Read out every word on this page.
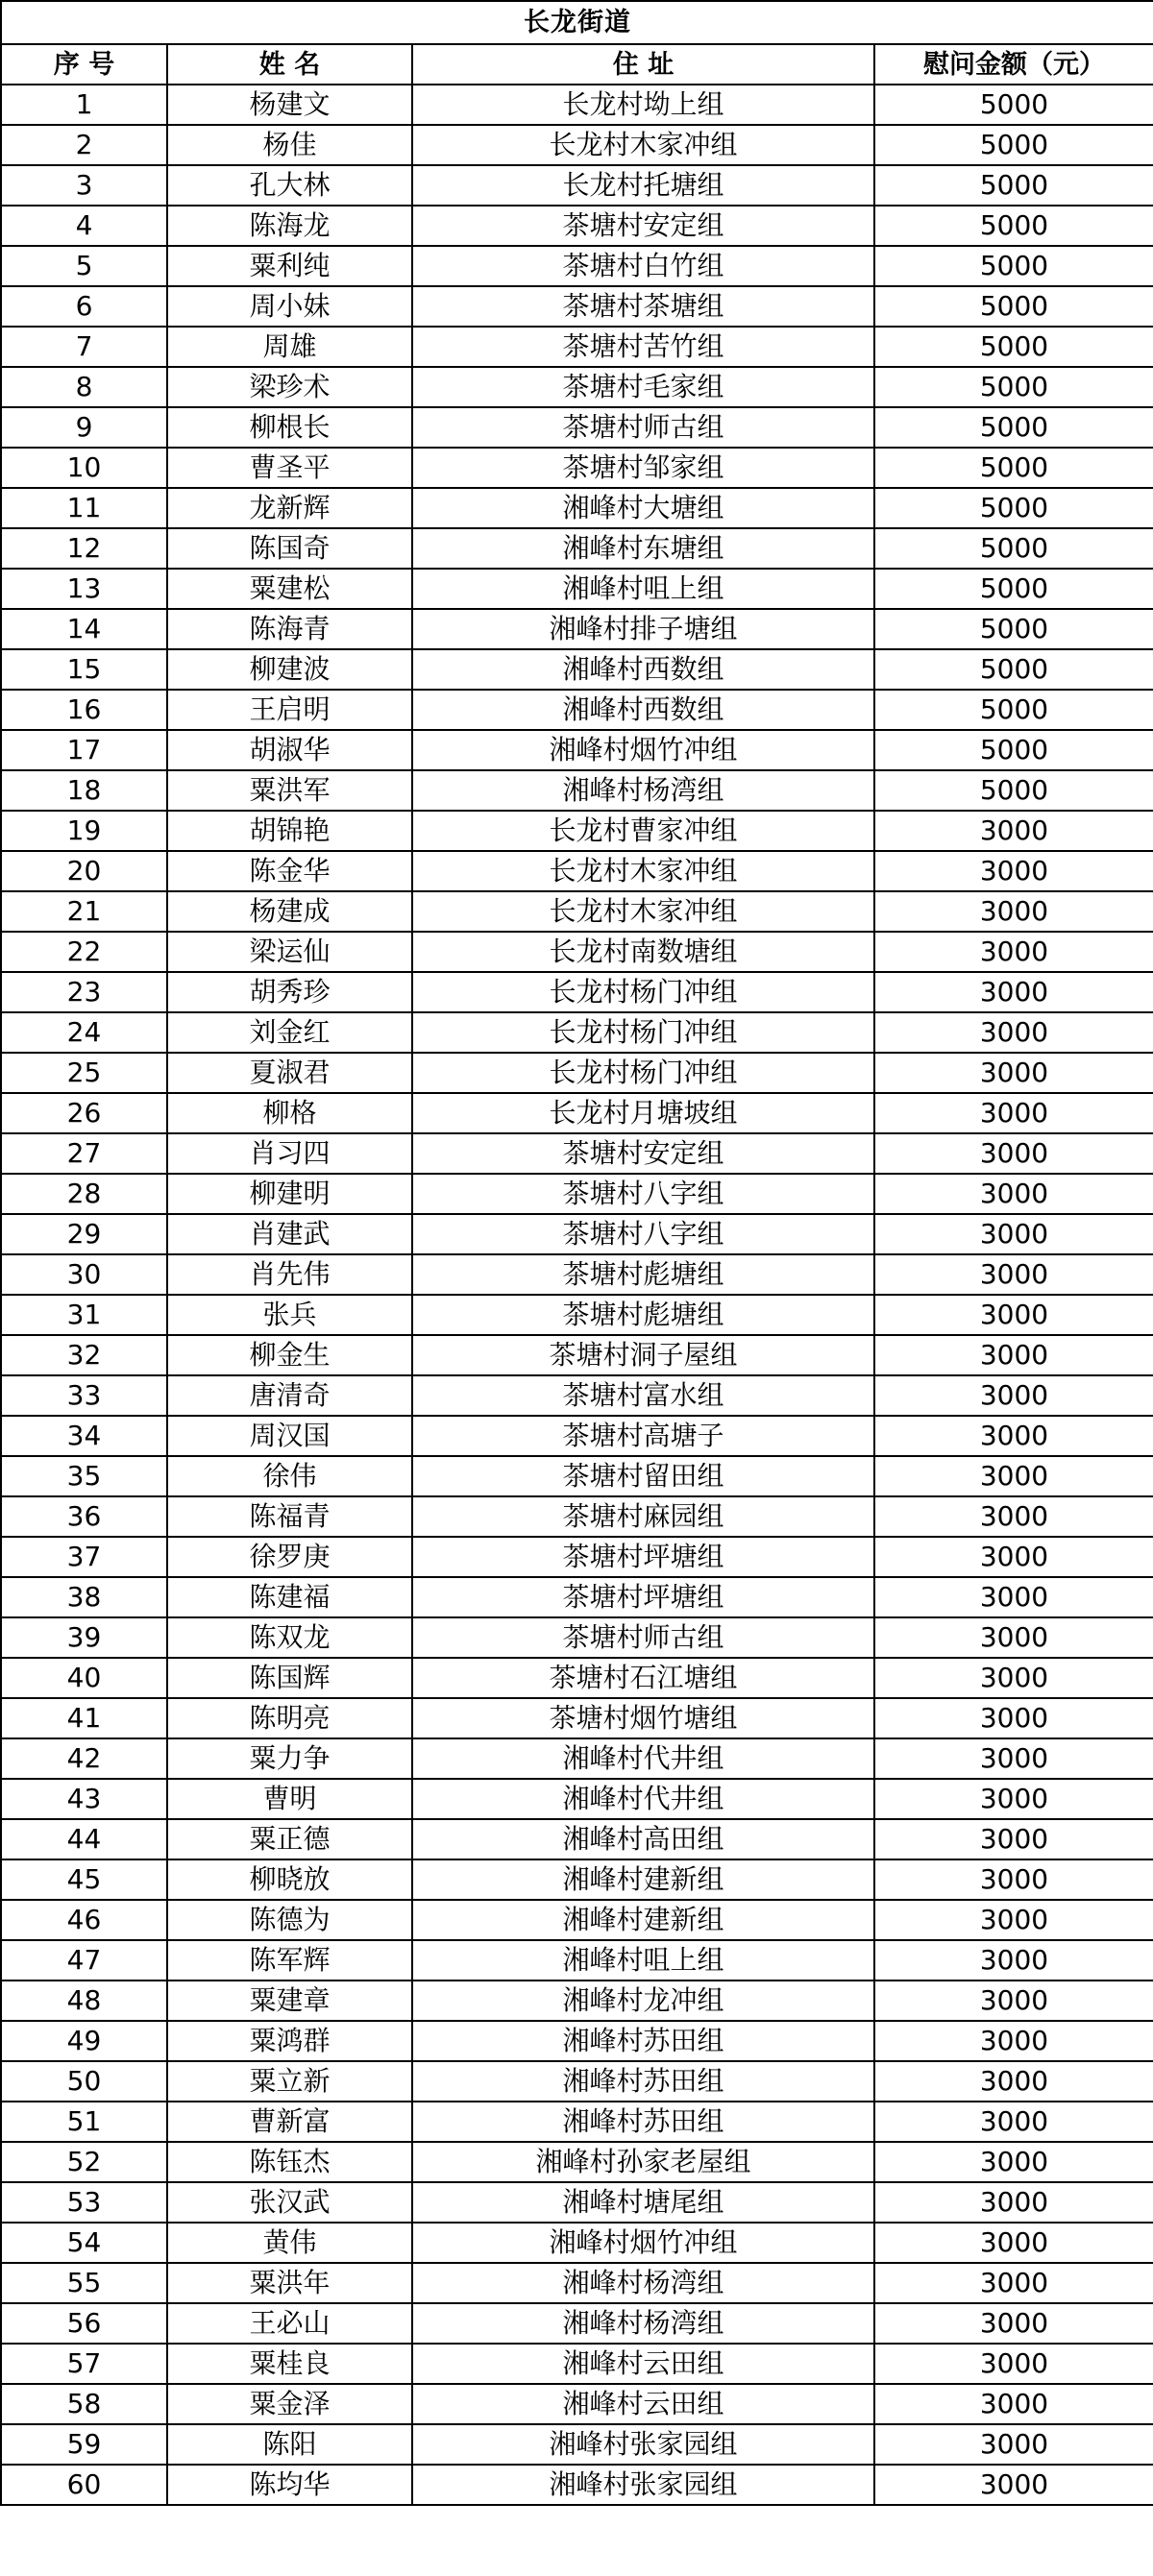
长龙街道			
序 号	姓 名	住 址	慰问金额（元）
1	杨建文	长龙村坳上组	5000
2	杨佳	长龙村木家冲组	5000
3	孔大林	长龙村托塘组	5000
4	陈海龙	茶塘村安定组	5000
5	粟利纯	茶塘村白竹组	5000
6	周小妹	茶塘村茶塘组	5000
7	周雄	茶塘村苦竹组	5000
8	梁珍术	茶塘村毛家组	5000
9	柳根长	茶塘村师古组	5000
10	曹圣平	茶塘村邹家组	5000
11	龙新辉	湘峰村大塘组	5000
12	陈国奇	湘峰村东塘组	5000
13	粟建松	湘峰村咀上组	5000
14	陈海青	湘峰村排子塘组	5000
15	柳建波	湘峰村西数组	5000
16	王启明	湘峰村西数组	5000
17	胡淑华	湘峰村烟竹冲组	5000
18	粟洪军	湘峰村杨湾组	5000
19	胡锦艳	长龙村曹家冲组	3000
20	陈金华	长龙村木家冲组	3000
21	杨建成	长龙村木家冲组	3000
22	梁运仙	长龙村南数塘组	3000
23	胡秀珍	长龙村杨门冲组	3000
24	刘金红	长龙村杨门冲组	3000
25	夏淑君	长龙村杨门冲组	3000
26	柳格	长龙村月塘坡组	3000
27	肖习四	茶塘村安定组	3000
28	柳建明	茶塘村八字组	3000
29	肖建武	茶塘村八字组	3000
30	肖先伟	茶塘村彪塘组	3000
31	张兵	茶塘村彪塘组	3000
32	柳金生	茶塘村洞子屋组	3000
33	唐清奇	茶塘村富水组	3000
34	周汉国	茶塘村高塘子	3000
35	徐伟	茶塘村留田组	3000
36	陈福青	茶塘村麻园组	3000
37	徐罗庚	茶塘村坪塘组	3000
38	陈建福	茶塘村坪塘组	3000
39	陈双龙	茶塘村师古组	3000
40	陈国辉	茶塘村石江塘组	3000
41	陈明亮	茶塘村烟竹塘组	3000
42	粟力争	湘峰村代井组	3000
43	曹明	湘峰村代井组	3000
44	粟正德	湘峰村高田组	3000
45	柳晓放	湘峰村建新组	3000
46	陈德为	湘峰村建新组	3000
47	陈军辉	湘峰村咀上组	3000
48	粟建章	湘峰村龙冲组	3000
49	粟鸿群	湘峰村苏田组	3000
50	粟立新	湘峰村苏田组	3000
51	曹新富	湘峰村苏田组	3000
52	陈钰杰	湘峰村孙家老屋组	3000
53	张汉武	湘峰村塘尾组	3000
54	黄伟	湘峰村烟竹冲组	3000
55	粟洪年	湘峰村杨湾组	3000
56	王必山	湘峰村杨湾组	3000
57	粟桂良	湘峰村云田组	3000
58	粟金泽	湘峰村云田组	3000
59	陈阳	湘峰村张家园组	3000
60	陈均华	湘峰村张家园组	3000
